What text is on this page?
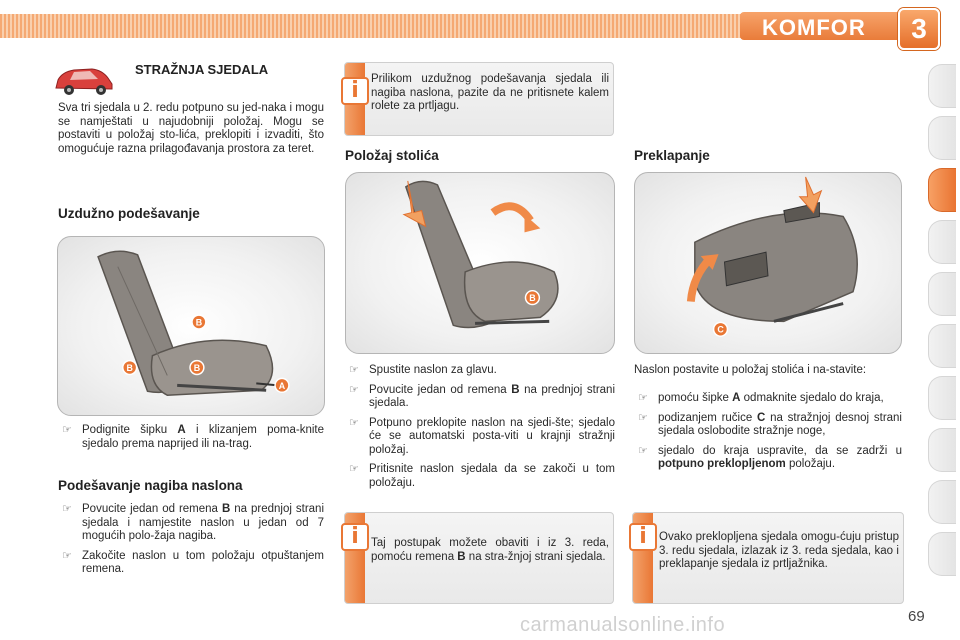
KOMFOR	3
STRAŽNJA SJEDALA
Sva tri sjedala u 2. redu potpuno su jed-naka i mogu se namještati u najudobniji položaj. Mogu se postaviti u položaj sto-lića, preklopiti i izvaditi, što omogućuje razna prilagođavanja prostora za teret.
Uzdužno podešavanje
B
B	B
A
☞ Podignite šipku A i klizanjem poma-knite sjedalo prema naprijed ili na-trag.
Podešavanje nagiba naslona
☞ Povucite jedan od remena B na prednjoj strani sjedala i namjestite naslon u jedan od 7 mogućih polo-žaja nagiba.
☞ Zakočite naslon u tom položaju otpuštanjem remena.
i	Prilikom uzdužnog podešavanja sjedala ili nagiba naslona, pazite da ne pritisnete kalem rolete za prtljagu.
Položaj stolića
B
☞ Spustite naslon za glavu.
☞ Povucite jedan od remena B na prednjoj strani sjedala.
☞ Potpuno preklopite naslon na sjedi-šte; sjedalo će se automatski posta-viti u krajnji stražnji položaj.
☞ Pritisnite naslon sjedala da se zakoči u tom položaju.
i	Taj postupak možete obaviti i iz 3. reda, pomoću remena B na stra-žnjoj strani sjedala.
Preklapanje
C
Naslon postavite u položaj stolića i na-stavite:
☞ pomoću šipke A odmaknite sjedalo do kraja,
☞ podizanjem ručice C na stražnjoj desnoj strani sjedala oslobodite stražnje noge,
☞ sjedalo do kraja uspravite, da se zadrži u potpuno preklopljenom položaju.
i	Ovako preklopljena sjedala omogu-ćuju pristup 3. redu sjedala, izlazak iz 3. reda sjedala, kao i preklapanje sjedala iz prtljažnika.
69
carmanualsonline.info
